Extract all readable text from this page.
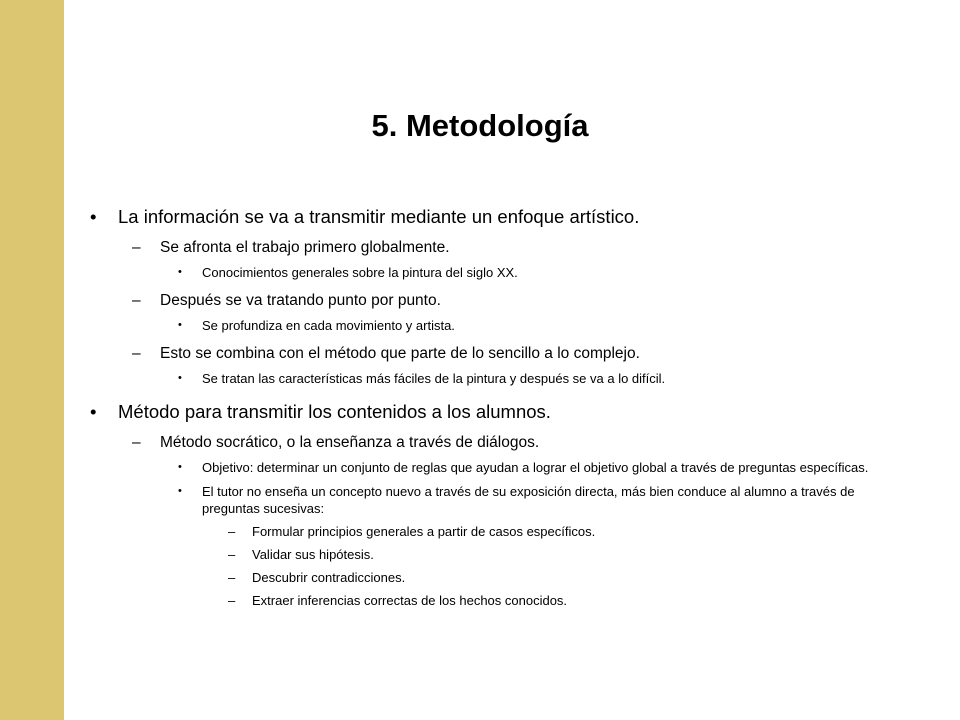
5. Metodología
• La información se va a transmitir mediante un enfoque artístico.
– Se afronta el trabajo primero globalmente.
• Conocimientos generales sobre la pintura del siglo XX.
– Después se va tratando punto por punto.
• Se profundiza en cada movimiento y artista.
– Esto se combina con el método que parte de lo sencillo a lo complejo.
• Se tratan las características más fáciles de la pintura y después se va a lo difícil.
• Método para transmitir los contenidos a los alumnos.
– Método socrático, o la enseñanza a través de diálogos.
• Objetivo: determinar un conjunto de reglas que ayudan a lograr el objetivo global a través de preguntas específicas.
• El tutor no enseña un concepto nuevo a través de su exposición directa, más bien conduce al alumno a través de preguntas sucesivas:
– Formular principios generales a partir de casos específicos.
– Validar sus hipótesis.
– Descubrir contradicciones.
– Extraer inferencias correctas de los hechos conocidos.
